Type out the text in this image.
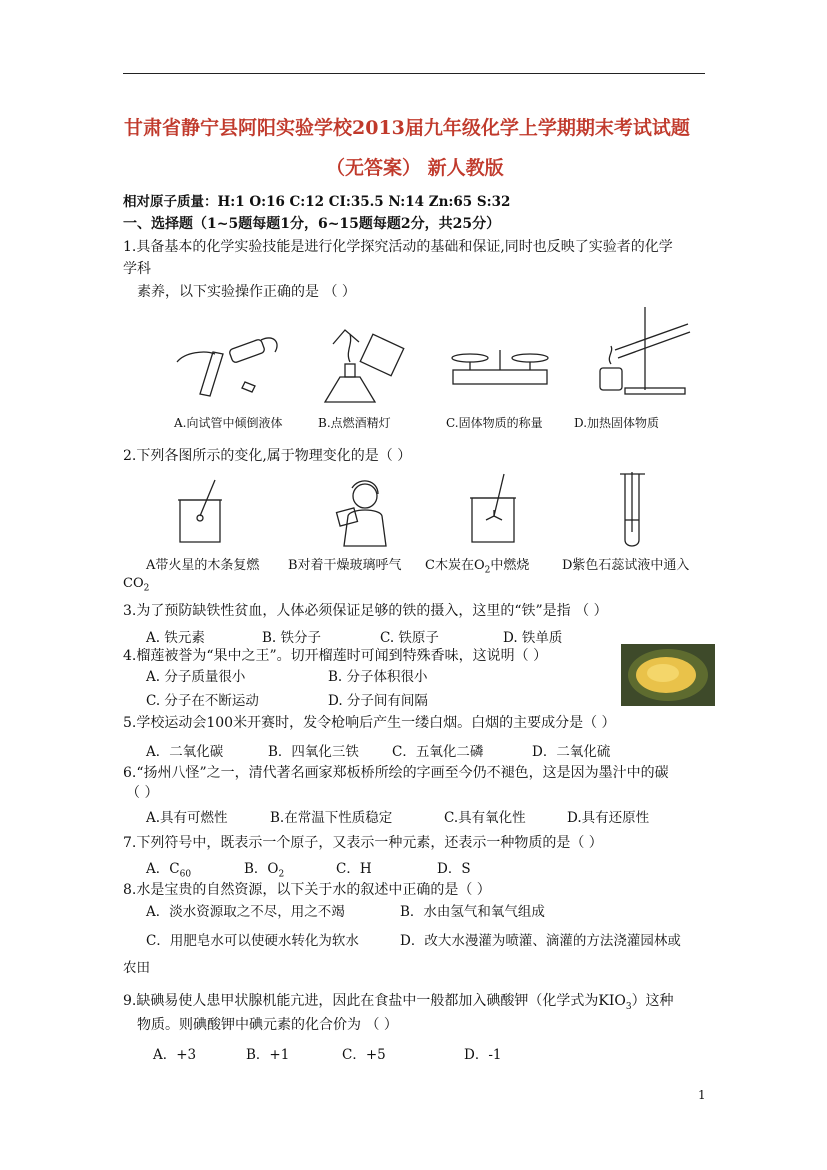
甘肃省静宁县阿阳实验学校2013届九年级化学上学期期末考试试题
（无答案） 新人教版
相对原子质量：H:1 O:16 C:12 CI:35.5 N:14 Zn:65 S:32
一、选择题（1~5题每题1分，6~15题每题2分，共25分）
1.具备基本的化学实验技能是进行化学探究活动的基础和保证,同时也反映了实验者的化学
学科
素养，以下实验操作正确的是 （ ）
A.向试管中倾倒液体	B.点燃酒精灯	C.固体物质的称量	D.加热固体物质
2.下列各图所示的变化,属于物理变化的是（ ）
A带火星的木条复燃 B对着干燥玻璃呼气 C木炭在$O_2$中燃烧	D紫色石蕊试液中通入
$CO_2$
3.为了预防缺铁性贫血，人体必须保证足够的铁的摄入，这里的“铁”是指 （ ）
A. 铁元素	B. 铁分子	C. 铁原子	D. 铁单质
4.榴莲被誉为“果中之王”。切开榴莲时可闻到特殊香味，这说明（ ）
A. 分子质量很小	B. 分子体积很小
C. 分子在不断运动	D. 分子间有间隔
5.学校运动会100米开赛时，发令枪响后产生一缕白烟。白烟的主要成分是（ ）
A．二氧化碳	B．四氧化三铁 C．五氧化二磷	D．二氧化硫
6.“扬州八怪”之一，清代著名画家郑板桥所绘的字画至今仍不褪色，这是因为墨汁中的碳
（ ）
A.具有可燃性	B.在常温下性质稳定	C.具有氧化性	D.具有还原性
7.下列符号中，既表示一个原子，又表示一种元素，还表示一种物质的是（ ）
A．$C_{60}$	B．$O_2$	C．H	D．S
8.水是宝贵的自然资源，以下关于水的叙述中正确的是（ ）
A．淡水资源取之不尽，用之不竭	B．水由氢气和氧气组成
C．用肥皂水可以使硬水转化为软水	D．改大水漫灌为喷灌、滴灌的方法浇灌园林或
农田
9.缺碘易使人患甲状腺机能亢进，因此在食盐中一般都加入碘酸钾（化学式为$KIO_3$）这种
物质。则碘酸钾中碘元素的化合价为 （ ）
A．+3	B．+1	C．+5	D．-1
1
